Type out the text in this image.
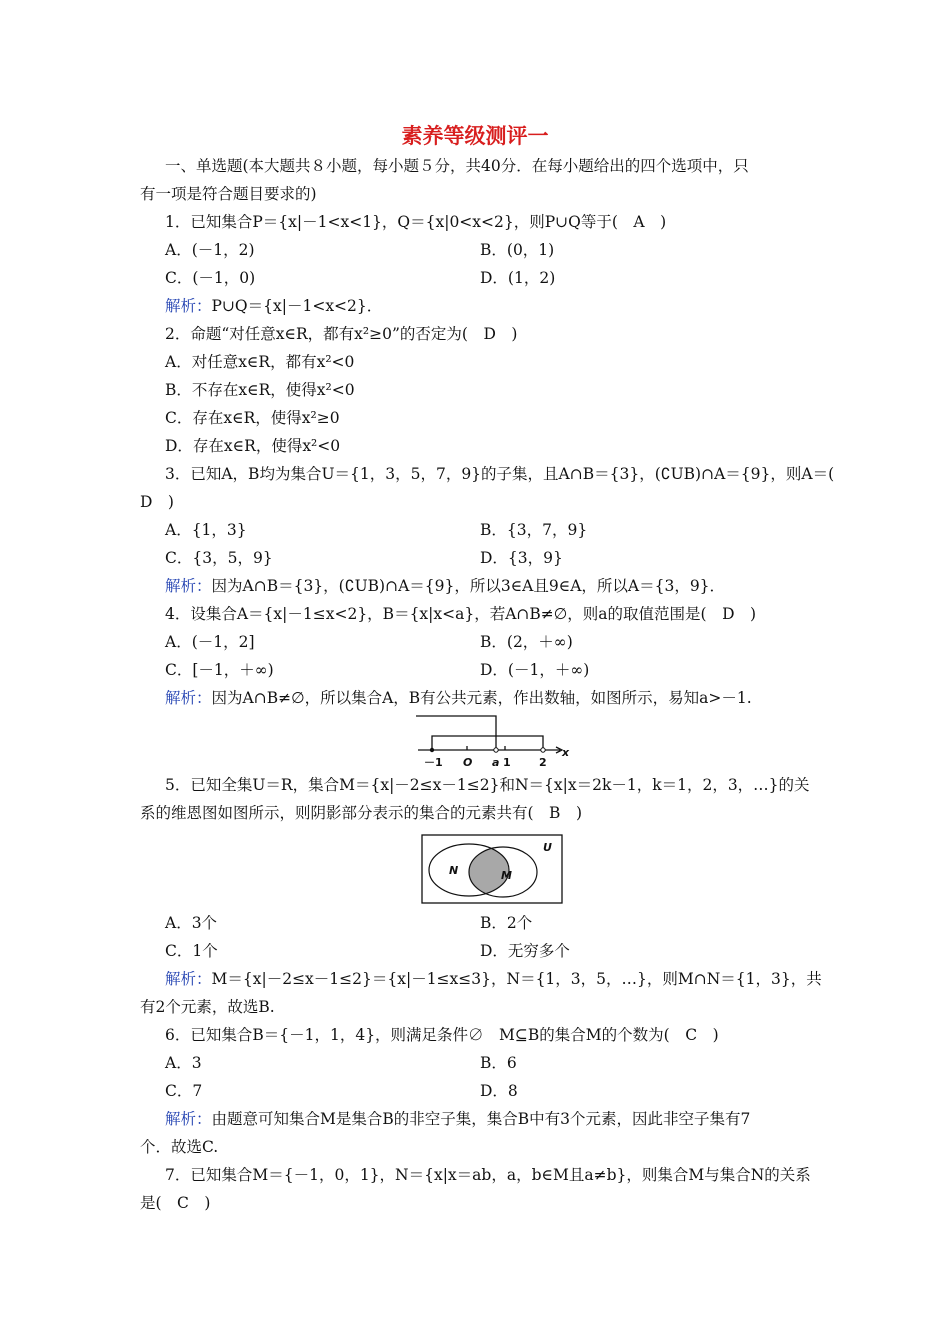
素养等级测评一
一、单选题(本大题共８小题，每小题５分，共40分．在每小题给出的四个选项中，只
有一项是符合题目要求的)
1．已知集合P＝{x|－1<x<1}，Q＝{x|0<x<2}，则P∪Q等于(　A　)
A．(－1，2)	B．(0，1)
C．(－1，0)	D．(1，2)
解析：P∪Q＝{x|－1<x<2}．
2．命题“对任意x∈R，都有x²≥0”的否定为(　D　)
A．对任意x∈R，都有x²<0
B．不存在x∈R，使得x²<0
C．存在x∈R，使得x²≥0
D．存在x∈R，使得x²<0
3．已知A，B均为集合U＝{1，3，5，7，9}的子集，且A∩B＝{3}，(∁UB)∩A＝{9}，则A＝(
D　)
A．{1，3}	B．{3，7，9}
C．{3，5，9}	D．{3，9}
解析：因为A∩B＝{3}，(∁UB)∩A＝{9}，所以3∈A且9∈A，所以A＝{3，9}．
4．设集合A＝{x|－1≤x<2}，B＝{x|x<a}，若A∩B≠∅，则a的取值范围是(　D　)
A．(－1，2]	B．(2，＋∞)
C．[－1，＋∞)	D．(－1，＋∞)
解析：因为A∩B≠∅，所以集合A，B有公共元素，作出数轴，如图所示，易知a>－1.
－1 O a 1	2
x
5．已知全集U＝R，集合M＝{x|－2≤x－1≤2}和N＝{x|x＝2k－1，k＝1，2，3，…}的关
系的维恩图如图所示，则阴影部分表示的集合的元素共有(　B　)
N	M
U
A．3个	B．2个
C．1个	D．无穷多个
解析：M＝{x|－2≤x－1≤2}＝{x|－1≤x≤3}，N＝{1，3，5，…}，则M∩N＝{1，3}，共
有2个元素，故选B.
6．已知集合B＝{－1，1，4}，则满足条件∅　M⊆B的集合M的个数为(　C　)
A．3	B．6
C．7	D．8
解析：由题意可知集合M是集合B的非空子集，集合B中有3个元素，因此非空子集有7
个．故选C.
7．已知集合M＝{－1，0，1}，N＝{x|x＝ab，a，b∈M且a≠b}，则集合M与集合N的关系
是(　C　)
